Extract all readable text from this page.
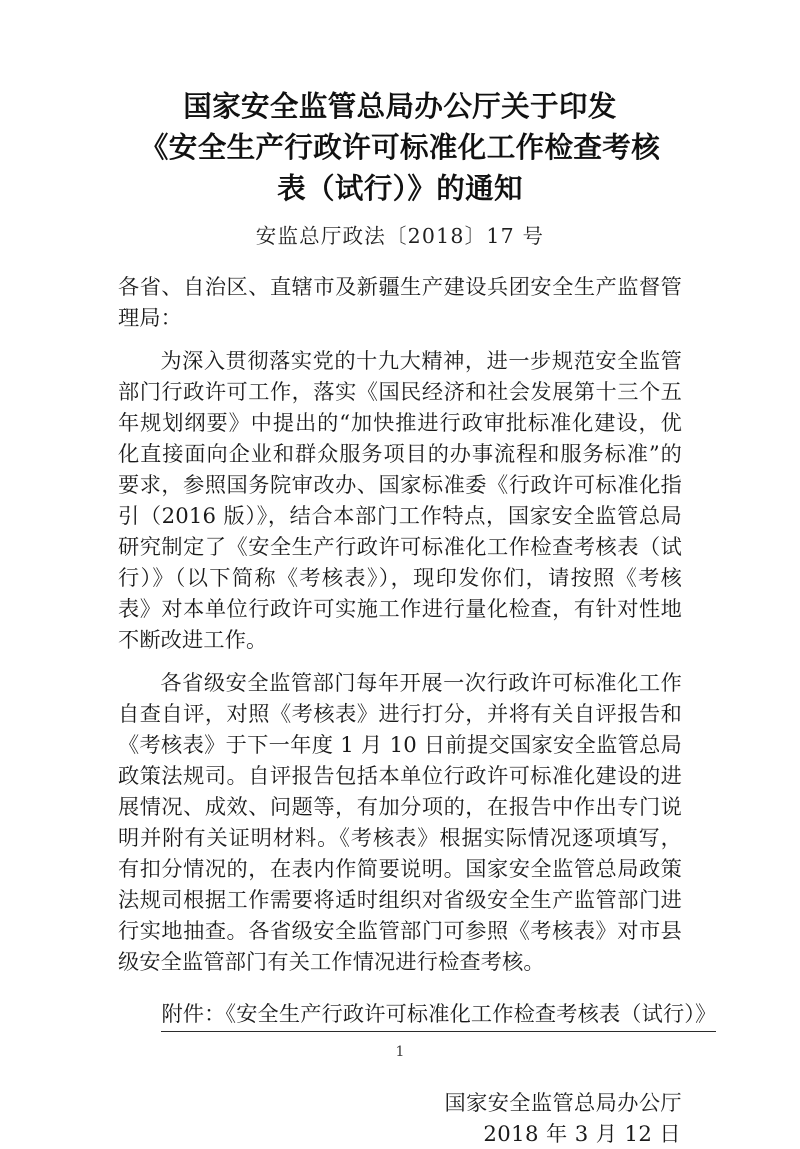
国家安全监管总局办公厅关于印发
《安全生产行政许可标准化工作检查考核
表（试行）》的通知

安监总厅政法〔2018〕17 号

各省、自治区、直辖市及新疆生产建设兵团安全生产监督管理局：

为深入贯彻落实党的十九大精神，进一步规范安全监管部门行政许可工作，落实《国民经济和社会发展第十三个五年规划纲要》中提出的“加快推进行政审批标准化建设，优化直接面向企业和群众服务项目的办事流程和服务标准”的要求，参照国务院审改办、国家标准委《行政许可标准化指引（2016 版）》，结合本部门工作特点，国家安全监管总局研究制定了《安全生产行政许可标准化工作检查考核表（试行）》（以下简称《考核表》），现印发你们，请按照《考核表》对本单位行政许可实施工作进行量化检查，有针对性地不断改进工作。

各省级安全监管部门每年开展一次行政许可标准化工作自查自评，对照《考核表》进行打分，并将有关自评报告和《考核表》于下一年度 1 月 10 日前提交国家安全监管总局政策法规司。自评报告包括本单位行政许可标准化建设的进展情况、成效、问题等，有加分项的，在报告中作出专门说明并附有关证明材料。《考核表》根据实际情况逐项填写，有扣分情况的，在表内作简要说明。国家安全监管总局政策法规司根据工作需要将适时组织对省级安全生产监管部门进行实地抽查。各省级安全监管部门可参照《考核表》对市县级安全监管部门有关工作情况进行检查考核。

附件：《安全生产行政许可标准化工作检查考核表（试行）》
国家安全监管总局办公厅
2018 年 3 月 12 日
1
